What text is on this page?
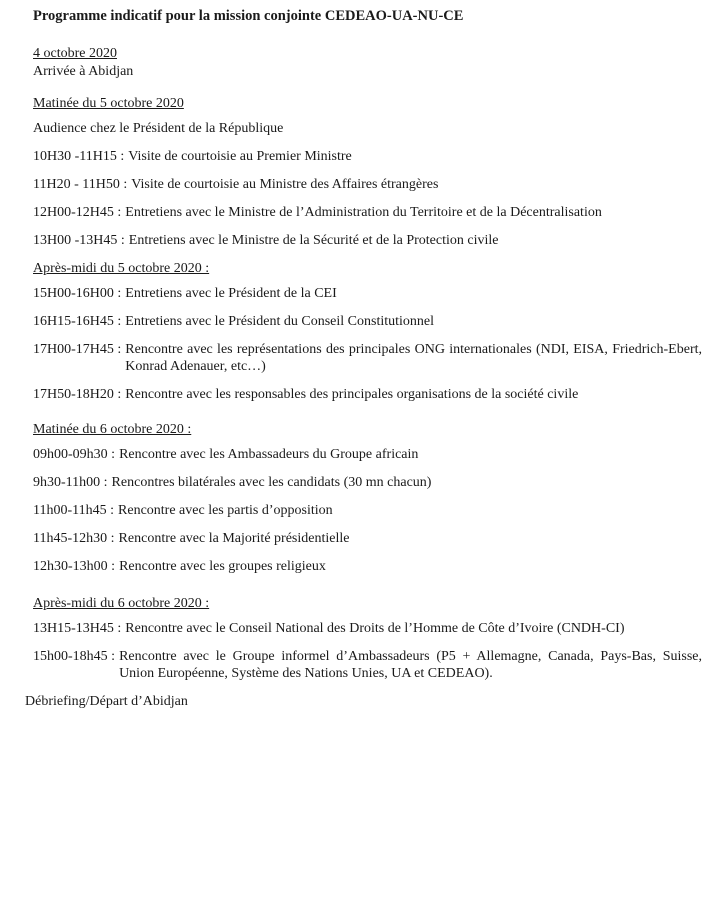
Programme indicatif pour la mission conjointe CEDEAO-UA-NU-CE
4 octobre 2020
Arrivée à Abidjan
Matinée du 5 octobre 2020
Audience chez le Président de la République
10H30 -11H15 : Visite de courtoisie au Premier Ministre
11H20 - 11H50 : Visite de courtoisie au Ministre des Affaires étrangères
12H00-12H45 : Entretiens avec le Ministre de l’Administration du Territoire et de la Décentralisation
13H00 -13H45 : Entretiens avec le Ministre de la Sécurité et de la Protection civile
Après-midi du 5 octobre 2020 :
15H00-16H00 : Entretiens avec le Président de la CEI
16H15-16H45 : Entretiens avec le Président du Conseil Constitutionnel
17H00-17H45 : Rencontre avec les représentations des principales ONG internationales (NDI, EISA, Friedrich-Ebert, Konrad Adenauer, etc…)
17H50-18H20 : Rencontre avec les responsables des principales organisations de la société civile
Matinée du 6 octobre 2020 :
09h00-09h30 : Rencontre avec les Ambassadeurs du Groupe africain
9h30-11h00 : Rencontres bilatérales avec les candidats (30 mn chacun)
11h00-11h45 : Rencontre avec les partis d’opposition
11h45-12h30 : Rencontre avec la Majorité présidentielle
12h30-13h00 : Rencontre avec les groupes religieux
Après-midi du 6 octobre 2020 :
13H15-13H45 : Rencontre avec le Conseil National des Droits de l’Homme de Côte d’Ivoire (CNDH-CI)
15h00-18h45 : Rencontre avec le Groupe informel d’Ambassadeurs (P5 + Allemagne, Canada, Pays-Bas, Suisse, Union Européenne, Système des Nations Unies, UA et CEDEAO).
Débriefing/Départ d’Abidjan
